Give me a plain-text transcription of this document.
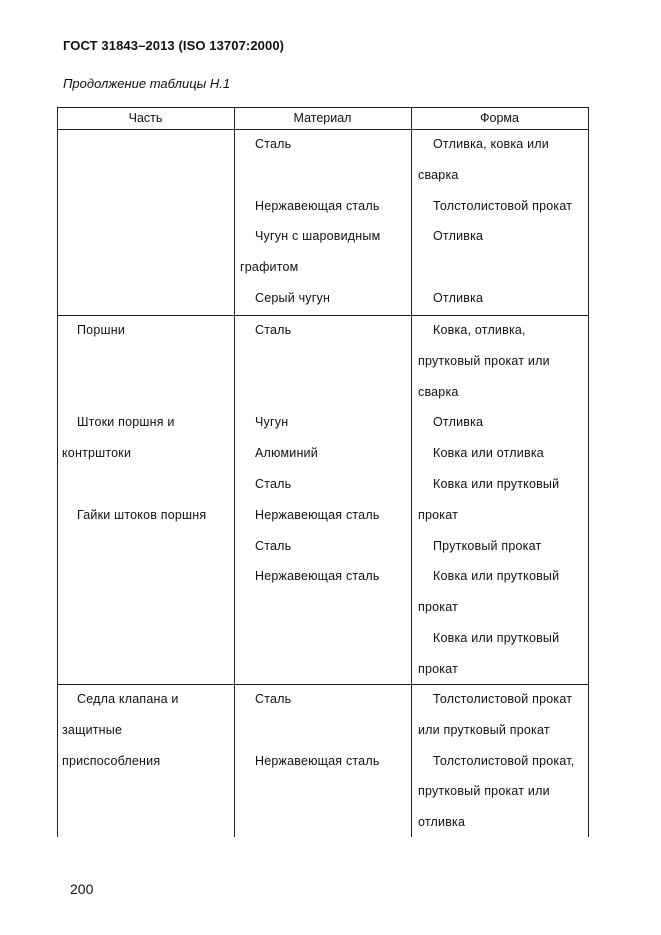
ГОСТ 31843–2013 (ISO 13707:2000)
Продолжение таблицы Н.1
Часть	Материал	Форма
Сталь
Нержавеющая сталь
Чугун с шаровидным
графитом
Серый чугун
Отливка, ковка или
сварка
Толстолистовой прокат
Отливка
Отливка
Поршни
Штоки поршня и
контрштоки
Гайки штоков поршня
Сталь
Чугун
Алюминий
Сталь
Нержавеющая сталь
Сталь
Нержавеющая сталь
Ковка, отливка,
прутковый прокат или
сварка
Отливка
Ковка или отливка
Ковка или прутковый
прокат
Прутковый прокат
Ковка или прутковый
прокат
Ковка или прутковый
прокат
Седла клапана и
защитные
приспособления
Сталь
Нержавеющая сталь
Толстолистовой прокат
или прутковый прокат
Толстолистовой прокат,
прутковый прокат или
отливка
200
